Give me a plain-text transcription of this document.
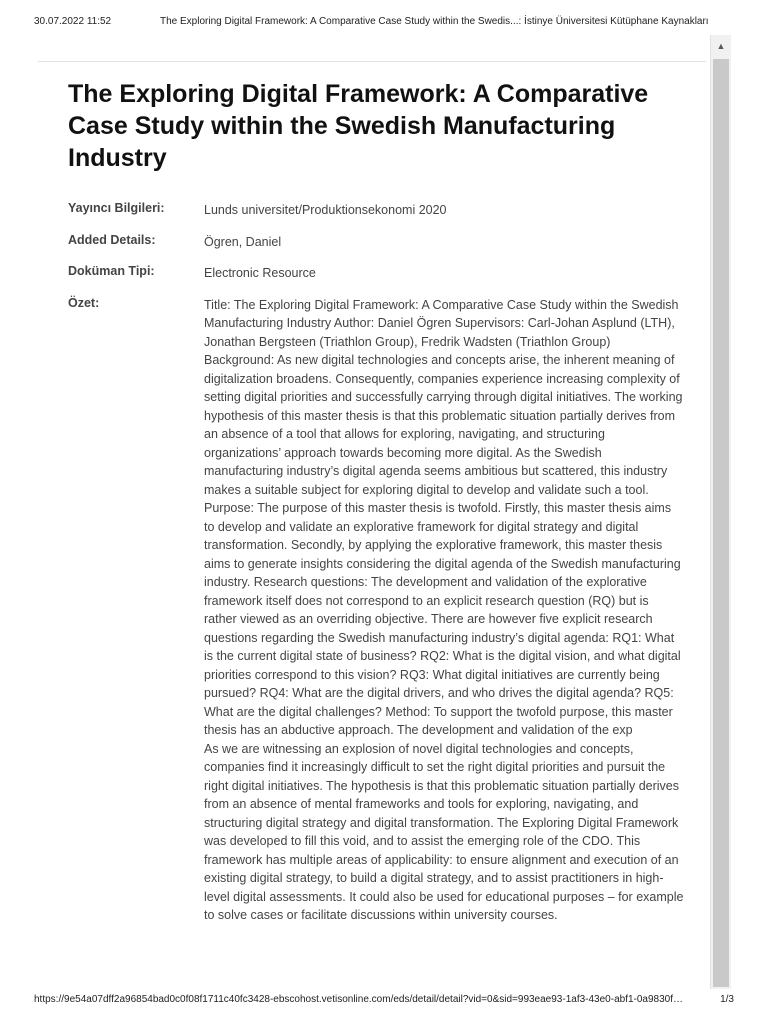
30.07.2022 11:52	The Exploring Digital Framework: A Comparative Case Study within the Swedis...: İstinye Üniversitesi Kütüphane Kaynakları
The Exploring Digital Framework: A Comparative Case Study within the Swedish Manufacturing Industry
Yayıncı Bilgileri:	Lunds universitet/Produktionsekonomi 2020
Added Details:	Ögren, Daniel
Doküman Tipi:	Electronic Resource
Özet:	Title: The Exploring Digital Framework: A Comparative Case Study within the Swedish Manufacturing Industry Author: Daniel Ögren Supervisors: Carl-Johan Asplund (LTH), Jonathan Bergsteen (Triathlon Group), Fredrik Wadsten (Triathlon Group) Background: As new digital technologies and concepts arise, the inherent meaning of digitalization broadens. Consequently, companies experience increasing complexity of setting digital priorities and successfully carrying through digital initiatives. The working hypothesis of this master thesis is that this problematic situation partially derives from an absence of a tool that allows for exploring, navigating, and structuring organizations’ approach towards becoming more digital. As the Swedish manufacturing industry’s digital agenda seems ambitious but scattered, this industry makes a suitable subject for exploring digital to develop and validate such a tool. Purpose: The purpose of this master thesis is twofold. Firstly, this master thesis aims to develop and validate an explorative framework for digital strategy and digital transformation. Secondly, by applying the explorative framework, this master thesis aims to generate insights considering the digital agenda of the Swedish manufacturing industry. Research questions: The development and validation of the explorative framework itself does not correspond to an explicit research question (RQ) but is rather viewed as an overriding objective. There are however five explicit research questions regarding the Swedish manufacturing industry’s digital agenda: RQ1: What is the current digital state of business? RQ2: What is the digital vision, and what digital priorities correspond to this vision? RQ3: What digital initiatives are currently being pursued? RQ4: What are the digital drivers, and who drives the digital agenda? RQ5: What are the digital challenges? Method: To support the twofold purpose, this master thesis has an abductive approach. The development and validation of the exp

As we are witnessing an explosion of novel digital technologies and concepts, companies find it increasingly difficult to set the right digital priorities and pursuit the right digital initiatives. The hypothesis is that this problematic situation partially derives from an absence of mental frameworks and tools for exploring, navigating, and structuring digital strategy and digital transformation. The Exploring Digital Framework was developed to fill this void, and to assist the emerging role of the CDO. This framework has multiple areas of applicability: to ensure alignment and execution of an existing digital strategy, to build a digital strategy, and to assist practitioners in high-level digital assessments. It could also be used for educational purposes – for example to solve cases or facilitate discussions within university courses.

▲
https://9e54a07dff2a96854bad0c0f08f1711c40fc3428-ebscohost.vetisonline.com/eds/detail/detail?vid=0&sid=993eae93-1af3-43e0-abf1-0a9830f…	1/3
